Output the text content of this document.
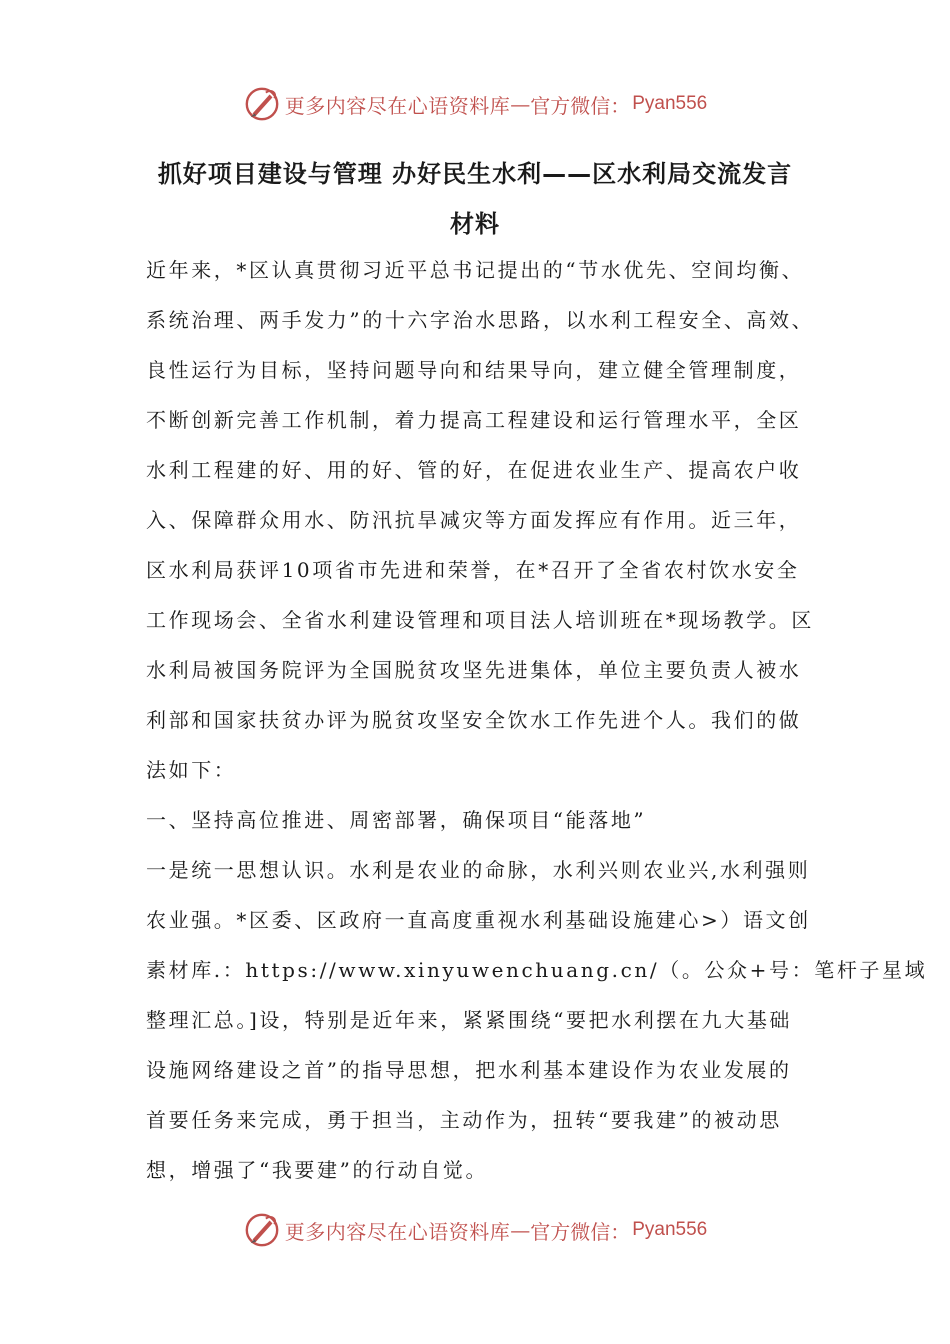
更多内容尽在心语资料库 — 官方微信： Pyan556
抓好项目建设与管理 办好民生水利——区水利局交流发言
材料
近年来，*区认真贯彻习近平总书记提出的“节水优先、空间均衡、
系统治理、两手发力”的十六字治水思路，以水利工程安全、高效、
良性运行为目标，坚持问题导向和结果导向，建立健全管理制度，
不断创新完善工作机制，着力提高工程建设和运行管理水平，全区
水利工程建的好、用的好、管的好，在促进农业生产、提高农户收
入、保障群众用水、防汛抗旱减灾等方面发挥应有作用。近三年，
区水利局获评10项省市先进和荣誉，在*召开了全省农村饮水安全
工作现场会、全省水利建设管理和项目法人培训班在*现场教学。区
水利局被国务院评为全国脱贫攻坚先进集体，单位主要负责人被水
利部和国家扶贫办评为脱贫攻坚安全饮水工作先进个人。我们的做
法如下：
一、坚持高位推进、周密部署，确保项目“能落地”
一是统一思想认识。水利是农业的命脉，水利兴则农业兴,水利强则
农业强。*区委、区政府一直高度重视水利基础设施建心>）语文创
素材库.：https://www.xinyuwenchuang.cn/（。公众+号：笔杆子星域
整理汇总。]设，特别是近年来，紧紧围绕“要把水利摆在九大基础
设施网络建设之首”的指导思想，把水利基本建设作为农业发展的
首要任务来完成，勇于担当，主动作为，扭转“要我建”的被动思
想，增强了“我要建”的行动自觉。
更多内容尽在心语资料库 — 官方微信： Pyan556
